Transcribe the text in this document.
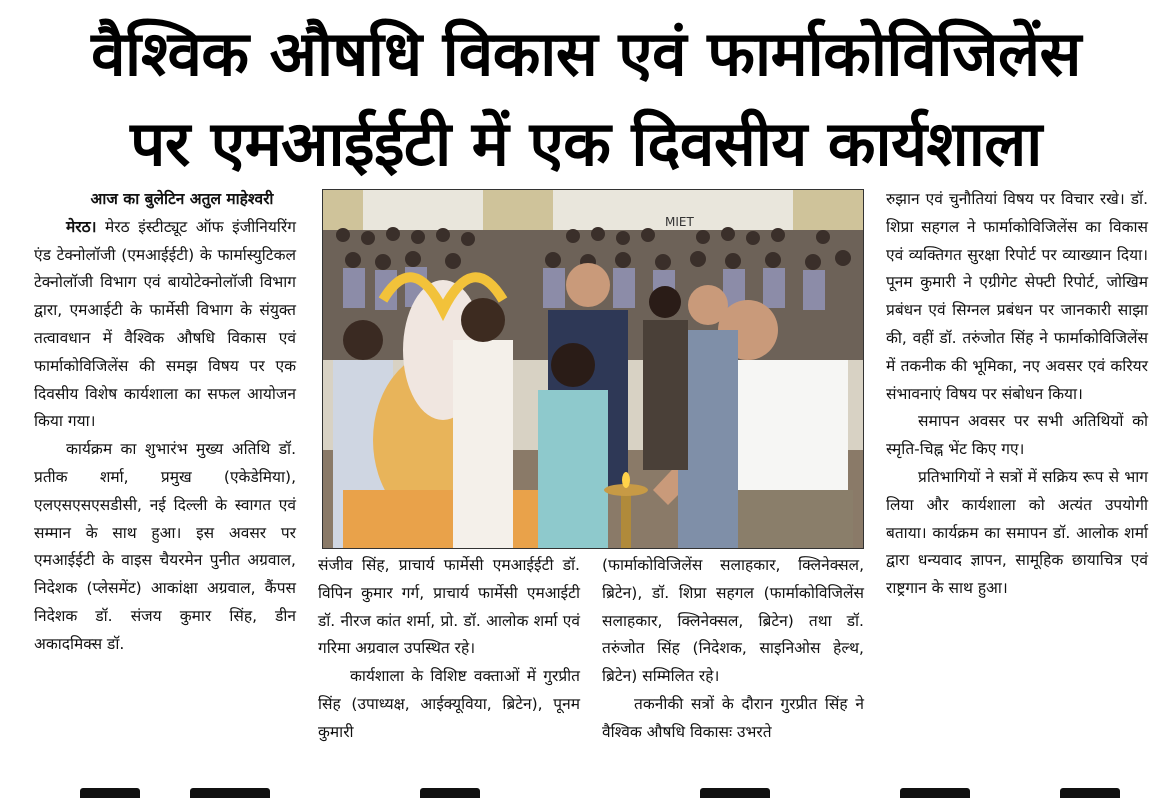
वैश्विक औषधि विकास एवं फार्माकोविजिलेंस
पर एमआईईटी में एक दिवसीय कार्यशाला

आज का बुलेटिन अतुल माहेश्वरी

मेरठ। मेरठ इंस्टीट्यूट ऑफ इंजीनियरिंग एंड टेक्नोलॉजी (एमआईईटी) के फार्मास्युटिकल टेक्नोलॉजी विभाग एवं बायोटेक्नोलॉजी विभाग द्वारा, एमआईटी के फार्मेसी विभाग के संयुक्त तत्वावधान में वैश्विक औषधि विकास एवं फार्माकोविजिलेंस की समझ विषय पर एक दिवसीय विशेष कार्यशाला का सफल आयोजन किया गया।

कार्यक्रम का शुभारंभ मुख्य अतिथि डॉ. प्रतीक शर्मा, प्रमुख (एकेडेमिया), एलएसएसएसडीसी, नई दिल्ली के स्वागत एवं सम्मान के साथ हुआ। इस अवसर पर एमआईईटी के वाइस चैयरमेन पुनीत अग्रवाल, निदेशक (प्लेसमेंट) आकांक्षा अग्रवाल, कैंपस निदेशक डॉ. संजय कुमार सिंह, डीन अकादमिक्स डॉ.

MIET

संजीव सिंह, प्राचार्य फार्मेसी एमआईईटी डॉ. विपिन कुमार गर्ग, प्राचार्य फार्मेसी एमआईटी डॉ. नीरज कांत शर्मा, प्रो. डॉ. आलोक शर्मा एवं गरिमा अग्रवाल उपस्थित रहे।

कार्यशाला के विशिष्ट वक्ताओं में गुरप्रीत सिंह (उपाध्यक्ष, आईक्यूविया, ब्रिटेन), पूनम कुमारी

(फार्माकोविजिलेंस सलाहकार, क्लिनेक्सल, ब्रिटेन), डॉ. शिप्रा सहगल (फार्माकोविजिलेंस सलाहकार, क्लिनेक्सल, ब्रिटेन) तथा डॉ. तरुंजोत सिंह (निदेशक, साइनिओस हेल्थ, ब्रिटेन) सम्मिलित रहे।

तकनीकी सत्रों के दौरान गुरप्रीत सिंह ने वैश्विक औषधि विकासः उभरते

रुझान एवं चुनौतियां विषय पर विचार रखे। डॉ. शिप्रा सहगल ने फार्माकोविजिलेंस का विकास एवं व्यक्तिगत सुरक्षा रिपोर्ट पर व्याख्यान दिया। पूनम कुमारी ने एग्रीगेट सेफ्टी रिपोर्ट, जोखिम प्रबंधन एवं सिग्नल प्रबंधन पर जानकारी साझा की, वहीं डॉ. तरुंजोत सिंह ने फार्माकोविजिलेंस में तकनीक की भूमिका, नए अवसर एवं करियर संभावनाएं विषय पर संबोधन किया।

समापन अवसर पर सभी अतिथियों को स्मृति-चिह्न भेंट किए गए।

प्रतिभागियों ने सत्रों में सक्रिय रूप से भाग लिया और कार्यशाला को अत्यंत उपयोगी बताया। कार्यक्रम का समापन डॉ. आलोक शर्मा द्वारा धन्यवाद ज्ञापन, सामूहिक छायाचित्र एवं राष्ट्रगान के साथ हुआ।
